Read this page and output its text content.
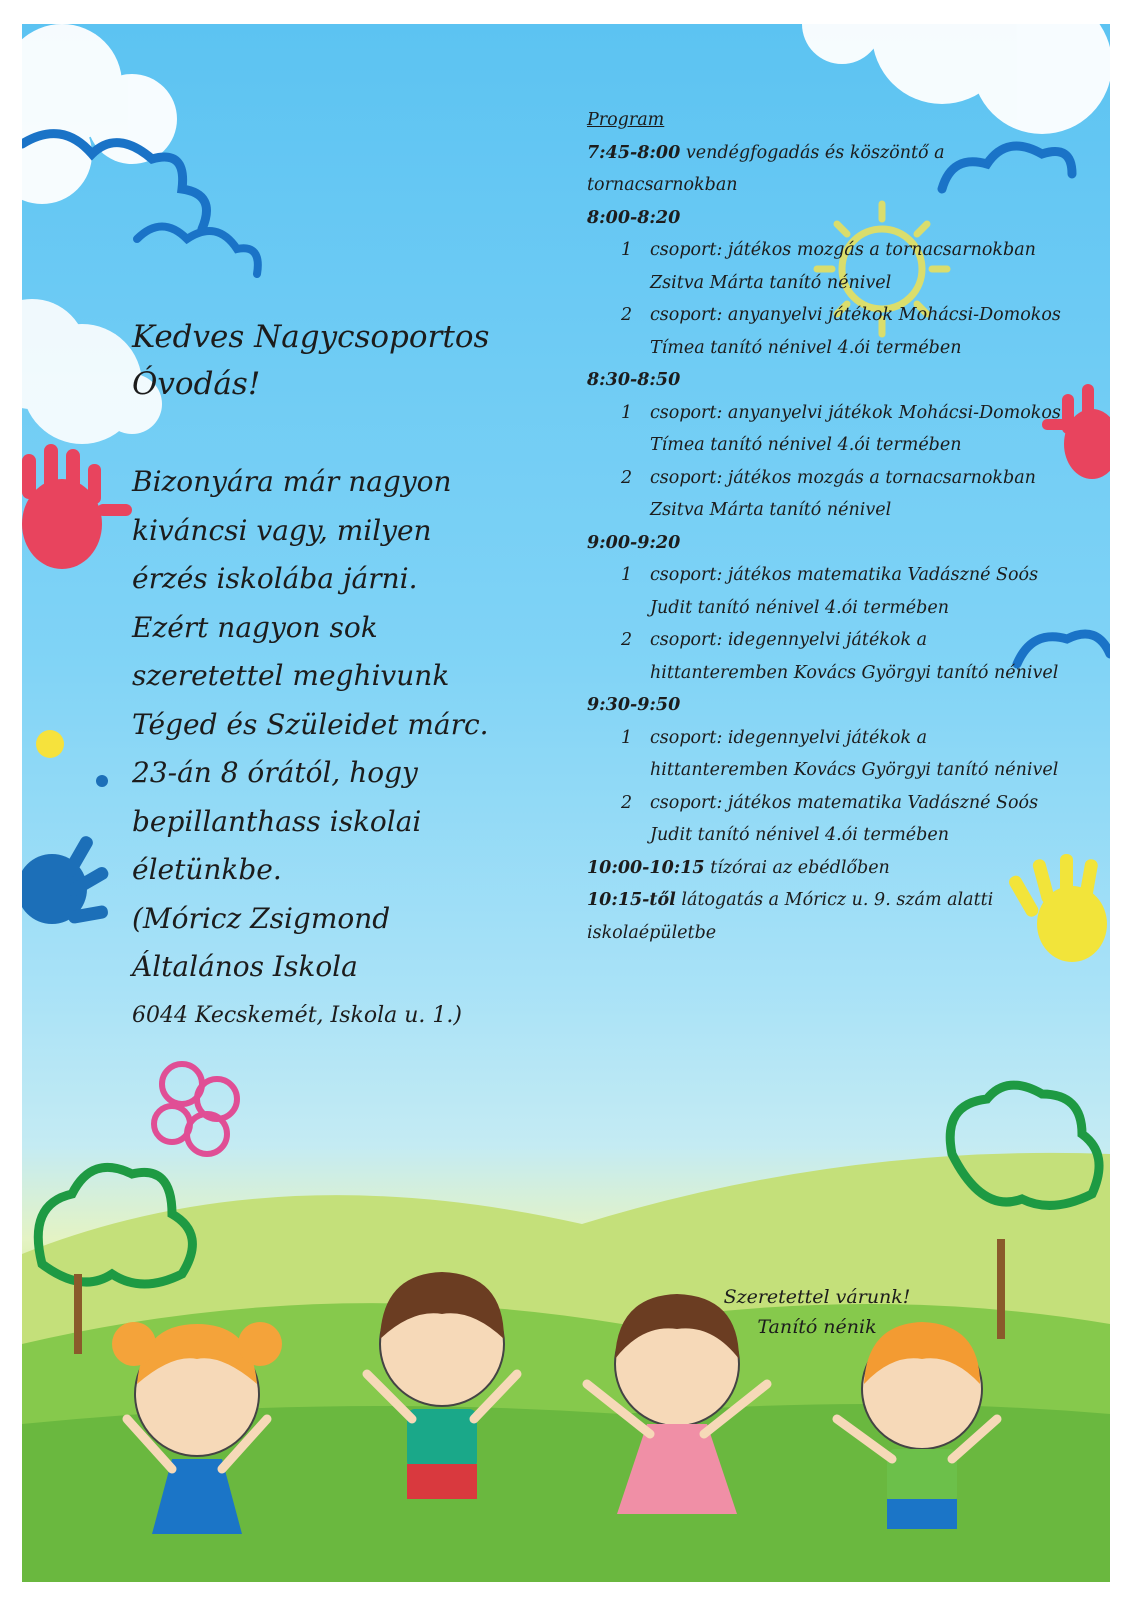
Kedves Nagycsoportos
Óvodás!
Bizonyára már nagyon
kiváncsi vagy, milyen
érzés iskolába járni.
Ezért nagyon sok
szeretettel meghivunk
Téged és Szüleidet márc.
23-án 8 órától, hogy
bepillanthass iskolai
életünkbe.
(Móricz Zsigmond
Általános Iskola
6044 Kecskemét, Iskola u. 1.)
Program
7:45-8:00 vendégfogadás és köszöntő a tornacsarnokban
8:00-8:20
1 csoport: játékos mozgás a tornacsarnokban Zsitva Márta tanító nénivel
2 csoport: anyanyelvi játékok Mohácsi-Domokos Tímea tanító nénivel 4.ói termében
8:30-8:50
1 csoport: anyanyelvi játékok Mohácsi-Domokos Tímea tanító nénivel 4.ói termében
2 csoport: játékos mozgás a tornacsarnokban Zsitva Márta tanító nénivel
9:00-9:20
1 csoport: játékos matematika Vadászné Soós Judit tanító nénivel 4.ói termében
2 csoport: idegennyelvi játékok a hittanteremben Kovács Györgyi tanító nénivel
9:30-9:50
1 csoport: idegennyelvi játékok a hittanteremben Kovács Györgyi tanító nénivel
2 csoport: játékos matematika Vadászné Soós Judit tanító nénivel 4.ói termében
10:00-10:15 tízórai az ebédlőben
10:15-től látogatás a Móricz u. 9. szám alatti iskolaépületbe
Szeretettel várunk!
Tanító nénik
